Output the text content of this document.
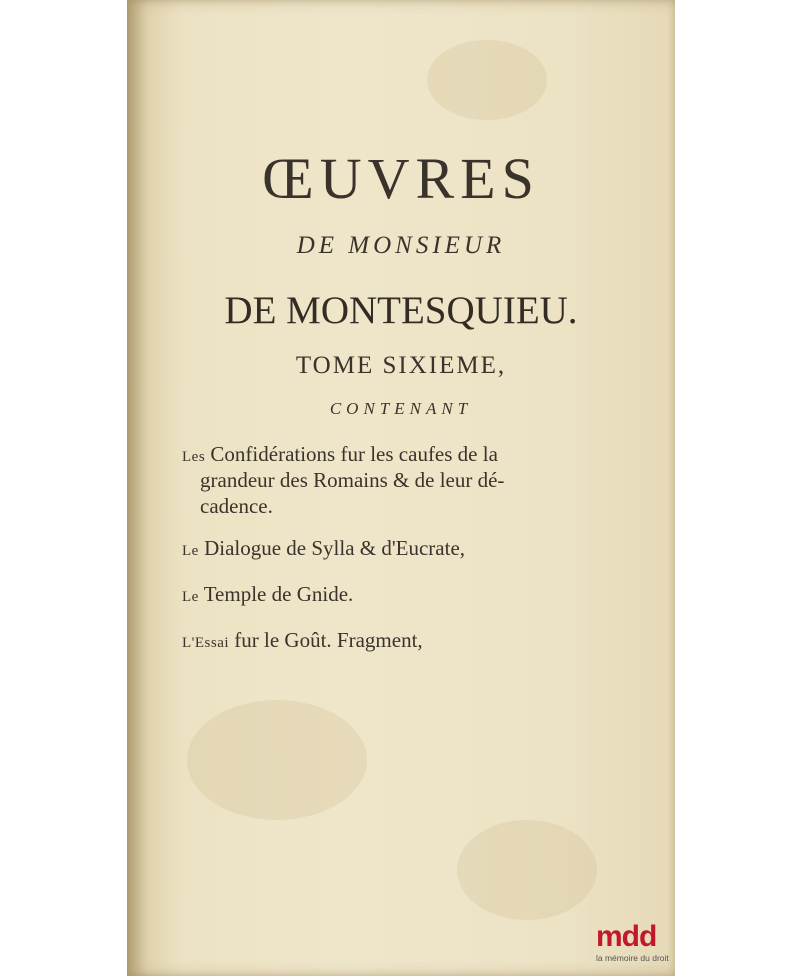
ŒUVRES
DE MONSIEUR
DE MONTESQUIEU.
TOME SIXIEME,
CONTENANT
Les Confidérations fur les caufes de la
grandeur des Romains & de leur dé-
cadence.
Le Dialogue de Sylla & d'Eucrate,
Le Temple de Gnide.
L'Essai fur le Goût. Fragment,
mdd
la mémoire du droit
